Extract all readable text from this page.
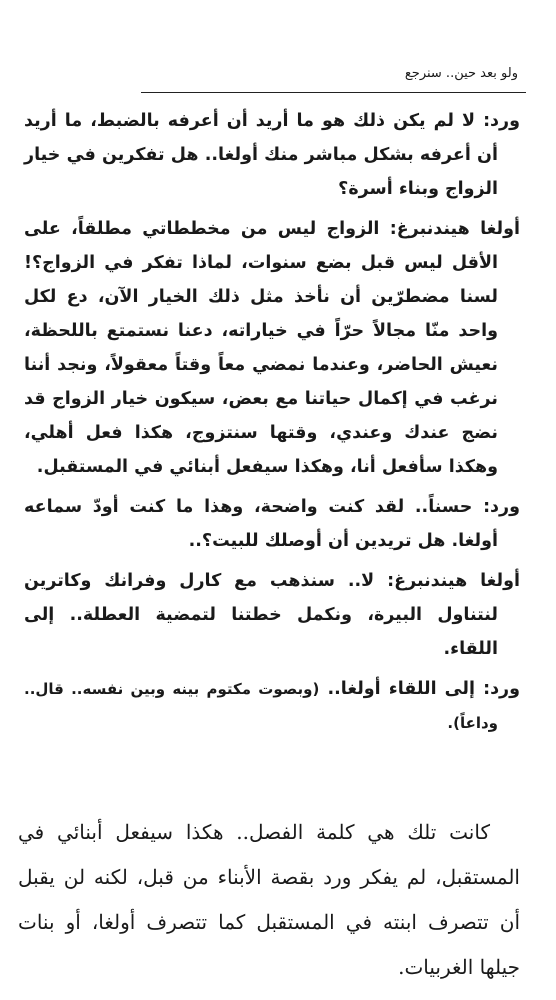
ولو بعد حين.. سنرجع

ورد: لا لم يكن ذلك هو ما أريد أن أعرفه بالضبط، ما أريد أن أعرفه بشكل مباشر منك أولغا.. هل تفكرين في خيار الزواج وبناء أسرة؟

أولغا هيندنبرغ: الزواج ليس من مخططاتي مطلقاً، على الأقل ليس قبل بضع سنوات، لماذا تفكر في الزواج؟! لسنا مضطرّين أن نأخذ مثل ذلك الخيار الآن، دع لكل واحد منّا مجالاً حرّاً في خياراته، دعنا نستمتع باللحظة، نعيش الحاضر، وعندما نمضي معاً وقتاً معقولاً، ونجد أننا نرغب في إكمال حياتنا مع بعض، سيكون خيار الزواج قد نضج عندك وعندي، وقتها سنتزوج، هكذا فعل أهلي، وهكذا سأفعل أنا، وهكذا سيفعل أبنائي في المستقبل.

ورد: حسناً.. لقد كنت واضحة، وهذا ما كنت أودّ سماعه أولغا. هل تريدين أن أوصلك للبيت؟..

أولغا هيندنبرغ: لا.. سنذهب مع كارل وفرانك وكاترين لنتناول البيرة، ونكمل خطتنا لتمضية العطلة.. إلى اللقاء.

ورد: إلى اللقاء أولغا.. (وبصوت مكتوم بينه وبين نفسه.. قال.. وداعاً).

كانت تلك هي كلمة الفصل.. هكذا سيفعل أبنائي في المستقبل، لم يفكر ورد بقصة الأبناء من قبل، لكنه لن يقبل أن تتصرف ابنته في المستقبل كما تتصرف أولغا، أو بنات جيلها الغربيات.
